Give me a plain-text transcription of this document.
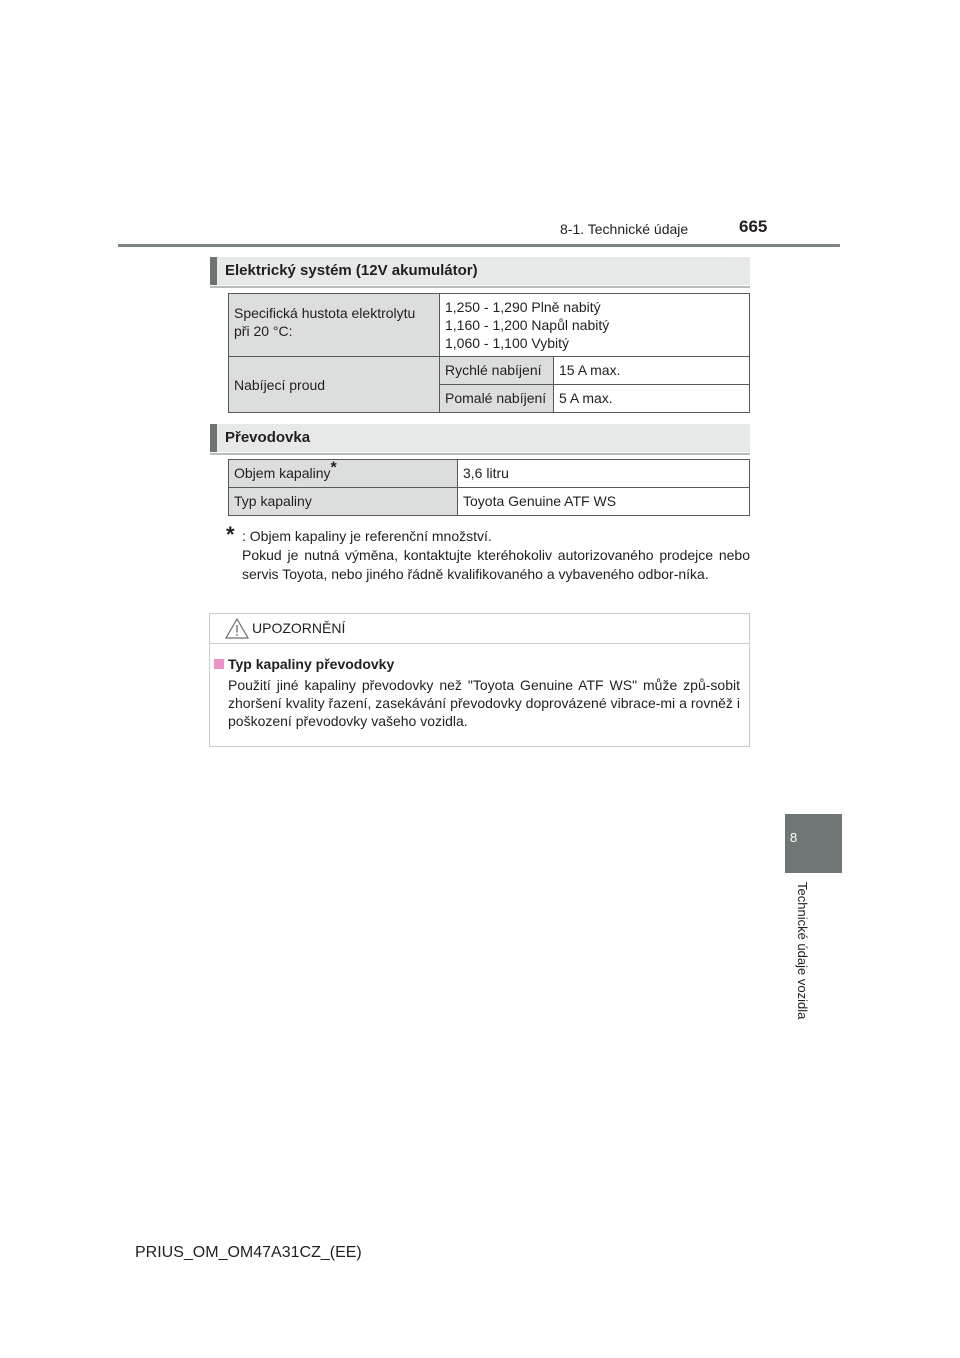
8-1. Technické údaje	665
8
Technické údaje vozidla
Elektrický systém (12V akumulátor)
Specifická hustota elektrolytu při 20 °C:	1,250 - 1,290 Plně nabitý
1,160 - 1,200 Napůl nabitý
1,060 - 1,100 Vybitý	

Nabíjecí proud	Rychlé nabíjení	15 A max.
	Pomalé nabíjení	5 A max.
Převodovka
Objem kapaliny*	3,6 litru
Typ kapaliny	Toyota Genuine ATF WS
* : Objem kapaliny je referenční množství.
Pokud je nutná výměna, kontaktujte kteréhokoliv autorizovaného prodejce nebo servis Toyota, nebo jiného řádně kvalifikovaného a vybaveného odbor-níka.
UPOZORNĚNÍ
Typ kapaliny převodovky
Použití jiné kapaliny převodovky než "Toyota Genuine ATF WS" může způ-sobit zhoršení kvality řazení, zasekávání převodovky doprovázené vibrace-mi a rovněž i poškození převodovky vašeho vozidla.
PRIUS_OM_OM47A31CZ_(EE)
